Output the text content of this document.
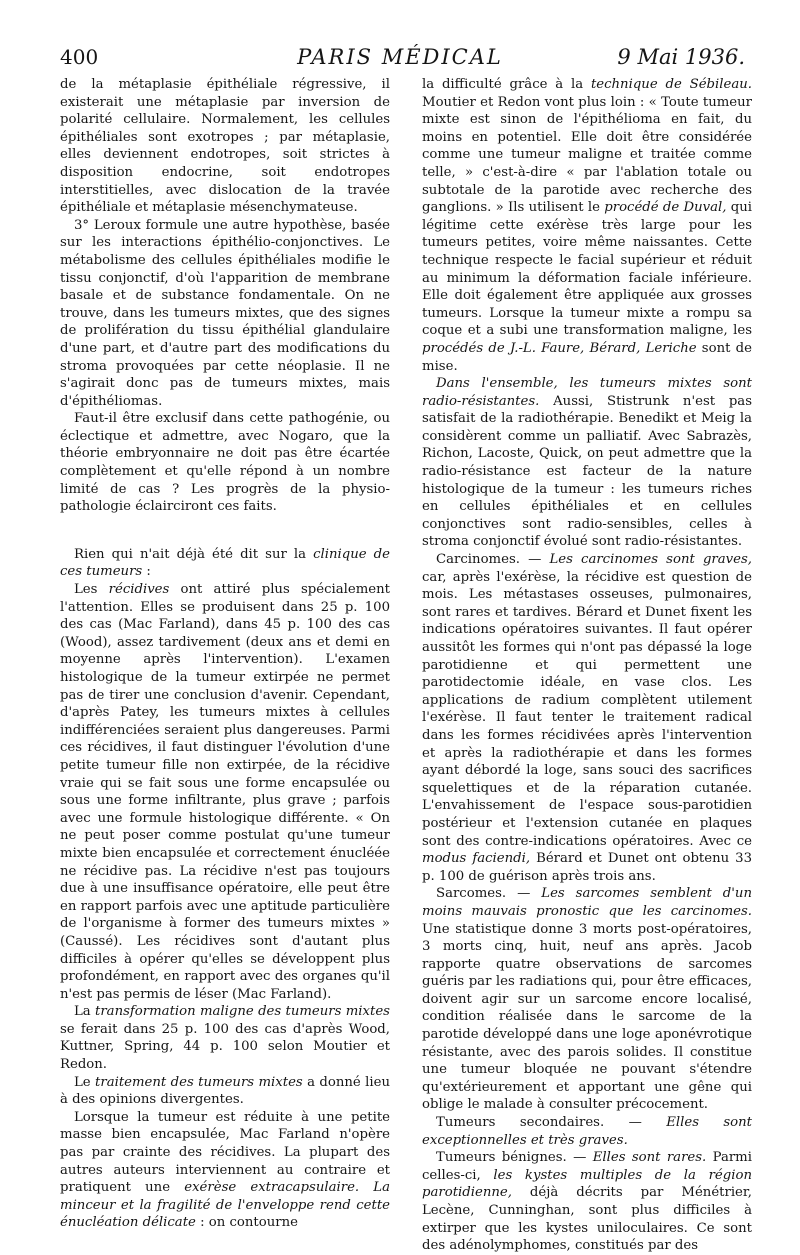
400	PARIS MÉDICAL	9 Mai 1936.

de la métaplasie épithéliale régressive, il existerait une métaplasie par inversion de polarité cellulaire. Normalement, les cellules épithéliales sont exotropes ; par métaplasie, elles deviennent endotropes, soit strictes à disposition endocrine, soit endotropes interstitielles, avec dislocation de la travée épithéliale et métaplasie mésenchymateuse.

3° Leroux formule une autre hypothèse, basée sur les interactions épithélio-conjonctives. Le métabolisme des cellules épithéliales modifie le tissu conjonctif, d'où l'apparition de membrane basale et de substance fondamentale. On ne trouve, dans les tumeurs mixtes, que des signes de prolifération du tissu épithélial glandulaire d'une part, et d'autre part des modifications du stroma provoquées par cette néoplasie. Il ne s'agirait donc pas de tumeurs mixtes, mais d'épithéliomas.

Faut-il être exclusif dans cette pathogénie, ou éclectique et admettre, avec Nogaro, que la théorie embryonnaire ne doit pas être écartée complètement et qu'elle répond à un nombre limité de cas ? Les progrès de la physio-pathologie éclairciront ces faits.

Rien qui n'ait déjà été dit sur la clinique de ces tumeurs :

Les récidives ont attiré plus spécialement l'attention. Elles se produisent dans 25 p. 100 des cas (Mac Farland), dans 45 p. 100 des cas (Wood), assez tardivement (deux ans et demi en moyenne après l'intervention). L'examen histologique de la tumeur extirpée ne permet pas de tirer une conclusion d'avenir. Cependant, d'après Patey, les tumeurs mixtes à cellules indifférenciées seraient plus dangereuses. Parmi ces récidives, il faut distinguer l'évolution d'une petite tumeur fille non extirpée, de la récidive vraie qui se fait sous une forme encapsulée ou sous une forme infiltrante, plus grave ; parfois avec une formule histologique différente. « On ne peut poser comme postulat qu'une tumeur mixte bien encapsulée et correctement énucléée ne récidive pas. La récidive n'est pas toujours due à une insuffisance opératoire, elle peut être en rapport parfois avec une aptitude particulière de l'organisme à former des tumeurs mixtes » (Caussé). Les récidives sont d'autant plus difficiles à opérer qu'elles se développent plus profondément, en rapport avec des organes qu'il n'est pas permis de léser (Mac Farland).

La transformation maligne des tumeurs mixtes se ferait dans 25 p. 100 des cas d'après Wood, Kuttner, Spring, 44 p. 100 selon Moutier et Redon.

Le traitement des tumeurs mixtes a donné lieu à des opinions divergentes.

Lorsque la tumeur est réduite à une petite masse bien encapsulée, Mac Farland n'opère pas par crainte des récidives. La plupart des autres auteurs interviennent au contraire et pratiquent une exérèse extracapsulaire. La minceur et la fragilité de l'enveloppe rend cette énucléation délicate : on contourne

la difficulté grâce à la technique de Sébileau. Moutier et Redon vont plus loin : « Toute tumeur mixte est sinon de l'épithélioma en fait, du moins en potentiel. Elle doit être considérée comme une tumeur maligne et traitée comme telle, » c'est-à-dire « par l'ablation totale ou subtotale de la parotide avec recherche des ganglions. » Ils utilisent le procédé de Duval, qui légitime cette exérèse très large pour les tumeurs petites, voire même naissantes. Cette technique respecte le facial supérieur et réduit au minimum la déformation faciale inférieure. Elle doit également être appliquée aux grosses tumeurs. Lorsque la tumeur mixte a rompu sa coque et a subi une transformation maligne, les procédés de J.-L. Faure, Bérard, Leriche sont de mise.

Dans l'ensemble, les tumeurs mixtes sont radio-résistantes. Aussi, Stistrunk n'est pas satisfait de la radiothérapie. Benedikt et Meig la considèrent comme un palliatif. Avec Sabrazès, Richon, Lacoste, Quick, on peut admettre que la radio-résistance est facteur de la nature histologique de la tumeur : les tumeurs riches en cellules épithéliales et en cellules conjonctives sont radio-sensibles, celles à stroma conjonctif évolué sont radio-résistantes.

Carcinomes. — Les carcinomes sont graves, car, après l'exérèse, la récidive est question de mois. Les métastases osseuses, pulmonaires, sont rares et tardives. Bérard et Dunet fixent les indications opératoires suivantes. Il faut opérer aussitôt les formes qui n'ont pas dépassé la loge parotidienne et qui permettent une parotidectomie idéale, en vase clos. Les applications de radium complètent utilement l'exérèse. Il faut tenter le traitement radical dans les formes récidivées après l'intervention et après la radiothérapie et dans les formes ayant débordé la loge, sans souci des sacrifices squelettiques et de la réparation cutanée. L'envahissement de l'espace sous-parotidien postérieur et l'extension cutanée en plaques sont des contre-indications opératoires. Avec ce modus faciendi, Bérard et Dunet ont obtenu 33 p. 100 de guérison après trois ans.

Sarcomes. — Les sarcomes semblent d'un moins mauvais pronostic que les carcinomes. Une statistique donne 3 morts post-opératoires, 3 morts cinq, huit, neuf ans après. Jacob rapporte quatre observations de sarcomes guéris par les radiations qui, pour être efficaces, doivent agir sur un sarcome encore localisé, condition réalisée dans le sarcome de la parotide développé dans une loge aponévrotique résistante, avec des parois solides. Il constitue une tumeur bloquée ne pouvant s'étendre qu'extérieurement et apportant une gêne qui oblige le malade à consulter précocement.

Tumeurs secondaires. — Elles sont exceptionnelles et très graves.

Tumeurs bénignes. — Elles sont rares. Parmi celles-ci, les kystes multiples de la région parotidienne, déjà décrits par Ménétrier, Lecène, Cunninghan, sont plus difficiles à extirper que les kystes uniloculaires. Ce sont des adénolymphomes, constitués par des
